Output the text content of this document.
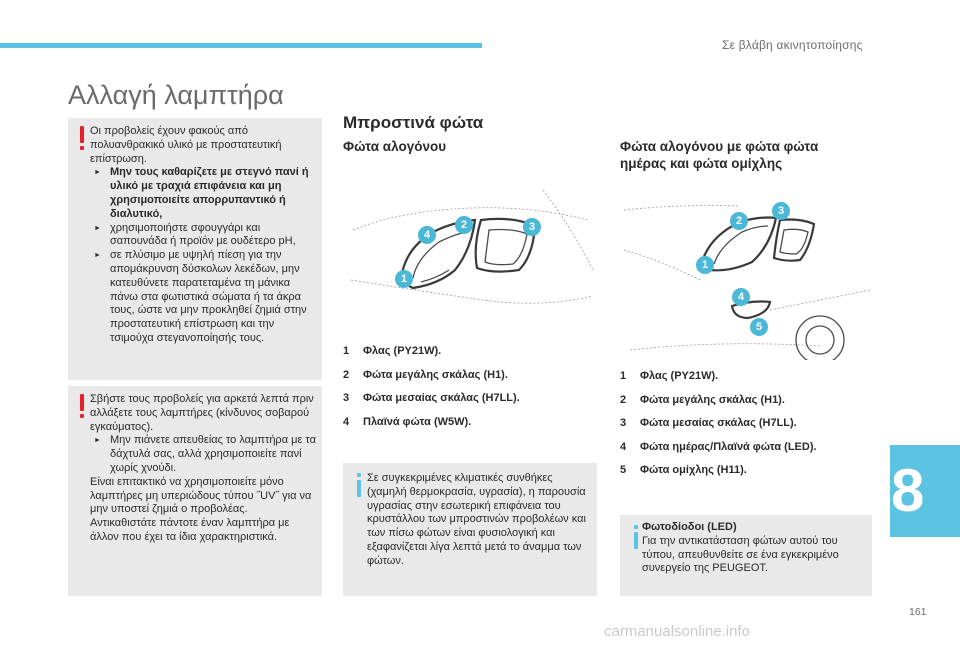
Σε βλάβη ακινητοποίησης
Αλλαγή λαμπτήρα
Οι προβολείς έχουν φακούς από πολυανθρακικό υλικό με προστατευτική επίστρωση.
► Μην τους καθαρίζετε με στεγνό πανί ή υλικό με τραχιά επιφάνεια και μη χρησιμοποιείτε απορρυπαντικό ή διαλυτικό,
► χρησιμοποιήστε σφουγγάρι και σαπουνάδα ή προϊόν με ουδέτερο pH,
► σε πλύσιμο με υψηλή πίεση για την απομάκρυνση δύσκολων λεκέδων, μην κατευθύνετε παρατεταμένα τη μάνικα πάνω στα φωτιστικά σώματα ή τα άκρα τους, ώστε να μην προκληθεί ζημιά στην προστατευτική επίστρωση και την τσιμούχα στεγανοποίησής τους.
Σβήστε τους προβολείς για αρκετά λεπτά πριν αλλάξετε τους λαμπτήρες (κίνδυνος σοβαρού εγκαύματος).
► Μην πιάνετε απευθείας το λαμπτήρα με τα δάχτυλά σας, αλλά χρησιμοποιείτε πανί χωρίς χνούδι.
Είναι επιτακτικό να χρησιμοποιείτε μόνο λαμπτήρες μη υπεριώδους τύπου ˝UV˝ για να μην υποστεί ζημιά ο προβολέας. Αντικαθιστάτε πάντοτε έναν λαμπτήρα με άλλον που έχει τα ίδια χαρακτηριστικά.
Μπροστινά φώτα
Φώτα αλογόνου
4
2	3
1
1	Φλας (PY21W).
2	Φώτα μεγάλης σκάλας (H1).
3	Φώτα μεσαίας σκάλας (H7LL).
4	Πλαϊνά φώτα (W5W).
Σε συγκεκριμένες κλιματικές συνθήκες (χαμηλή θερμοκρασία, υγρασία), η παρουσία υγρασίας στην εσωτερική επιφάνεια του κρυστάλλου των μπροστινών προβολέων και των πίσω φώτων είναι φυσιολογική και εξαφανίζεται λίγα λεπτά μετά το άναμμα των φώτων.
Φώτα αλογόνου με φώτα φώτα
ημέρας και φώτα ομίχλης
2
3
1
4
5
1	Φλας (PY21W).
2	Φώτα μεγάλης σκάλας (H1).
3	Φώτα μεσαίας σκάλας (H7LL).
4	Φώτα ημέρας/Πλαϊνά φώτα (LED).
5	Φώτα ομίχλης (H11).
Φωτοδίοδοι (LED)
Για την αντικατάσταση φώτων αυτού του τύπου, απευθυνθείτε σε ένα εγκεκριμένο συνεργείο της PEUGEOT.
8
161
carmanualsonline.info
